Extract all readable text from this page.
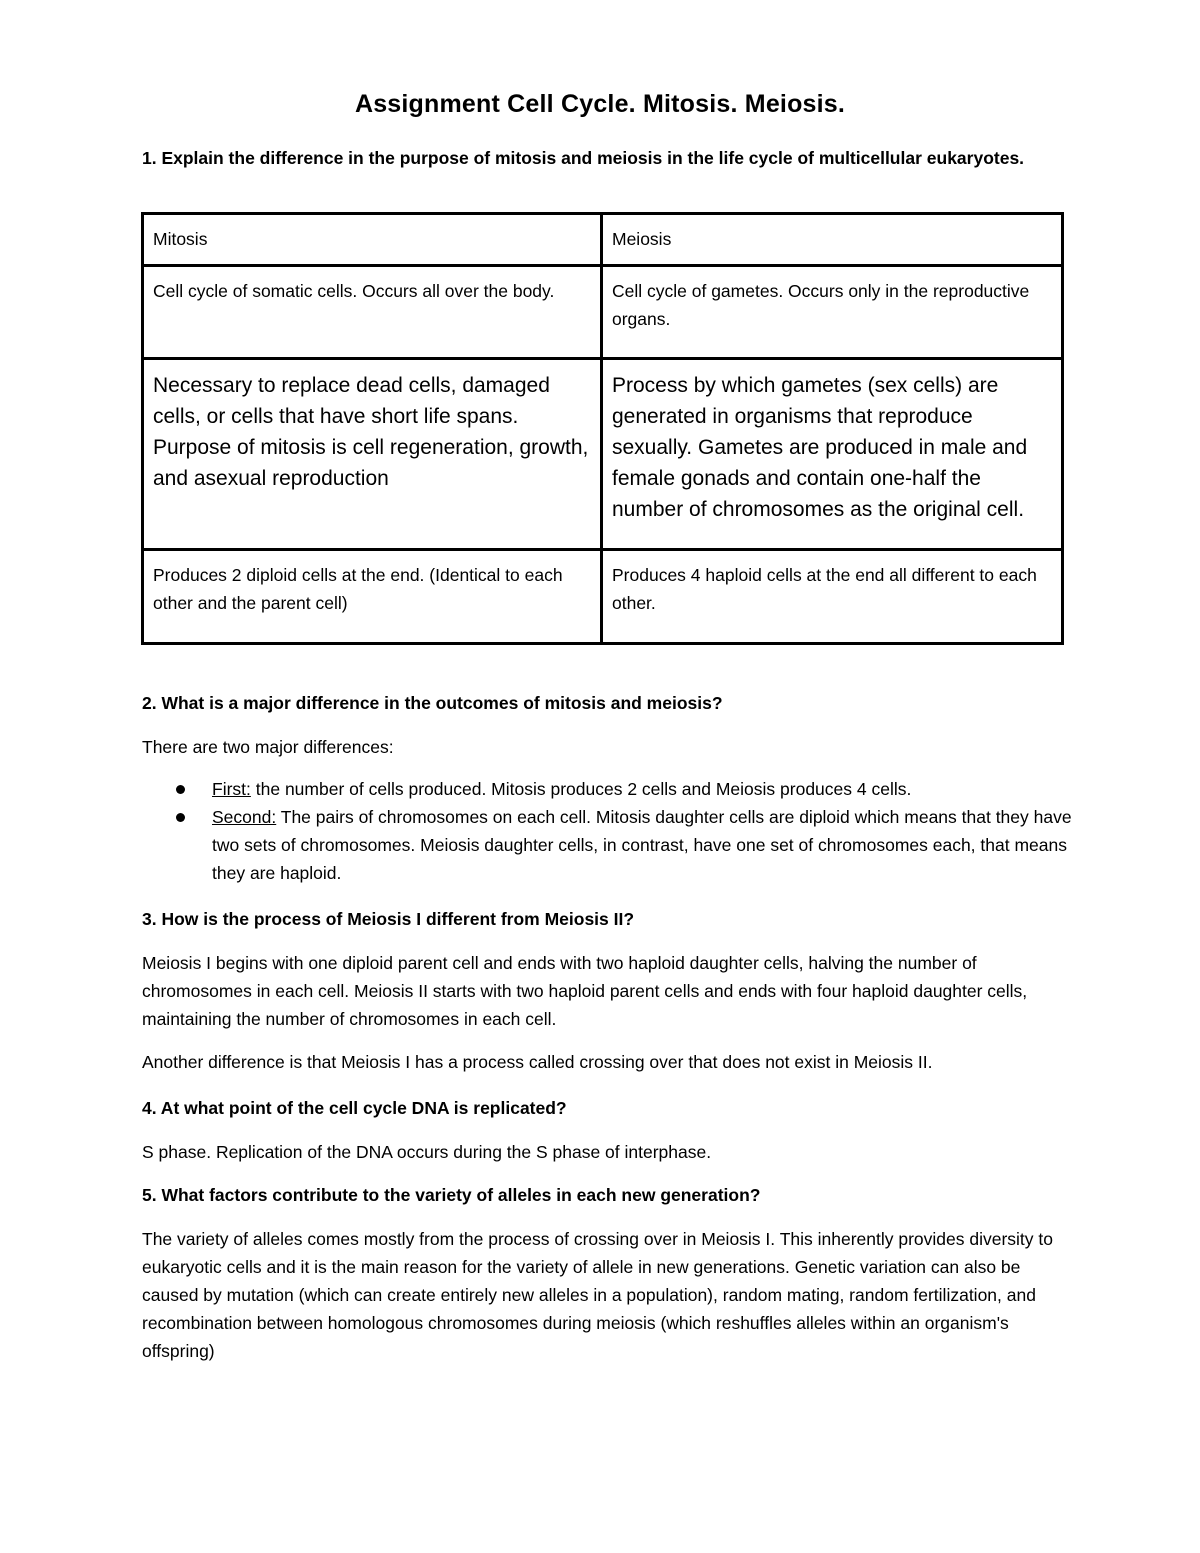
Assignment Cell Cycle. Mitosis. Meiosis.
1. Explain the difference in the purpose of mitosis and meiosis in the life cycle of multicellular eukaryotes.
Mitosis	Meiosis
Cell cycle of somatic cells. Occurs all over the body.	Cell cycle of gametes. Occurs only in the reproductive organs.
Necessary to replace dead cells, damaged cells, or cells that have short life spans. Purpose of mitosis is cell regeneration, growth, and asexual reproduction	Process by which gametes (sex cells) are generated in organisms that reproduce sexually. Gametes are produced in male and female gonads and contain one-half the number of chromosomes as the original cell.
Produces 2 diploid cells at the end. (Identical to each other and the parent cell)	Produces 4 haploid cells at the end all different to each other.
2. What is a major difference in the outcomes of mitosis and meiosis?
There are two major differences:
First: the number of cells produced. Mitosis produces 2 cells and Meiosis produces 4 cells.
Second: The pairs of chromosomes on each cell. Mitosis daughter cells are diploid which means that they have two sets of chromosomes. Meiosis daughter cells, in contrast, have one set of chromosomes each, that means they are haploid.
3. How is the process of Meiosis I different from Meiosis II?
Meiosis I begins with one diploid parent cell and ends with two haploid daughter cells, halving the number of chromosomes in each cell. Meiosis II starts with two haploid parent cells and ends with four haploid daughter cells, maintaining the number of chromosomes in each cell.
Another difference is that Meiosis I has a process called crossing over that does not exist in Meiosis II.
4. At what point of the cell cycle DNA is replicated?
S phase. Replication of the DNA occurs during the S phase of interphase.
5. What factors contribute to the variety of alleles in each new generation?
The variety of alleles comes mostly from the process of crossing over in Meiosis I. This inherently provides diversity to eukaryotic cells and it is the main reason for the variety of allele in new generations. Genetic variation can also be caused by mutation (which can create entirely new alleles in a population), random mating, random fertilization, and recombination between homologous chromosomes during meiosis (which reshuffles alleles within an organism's offspring)
